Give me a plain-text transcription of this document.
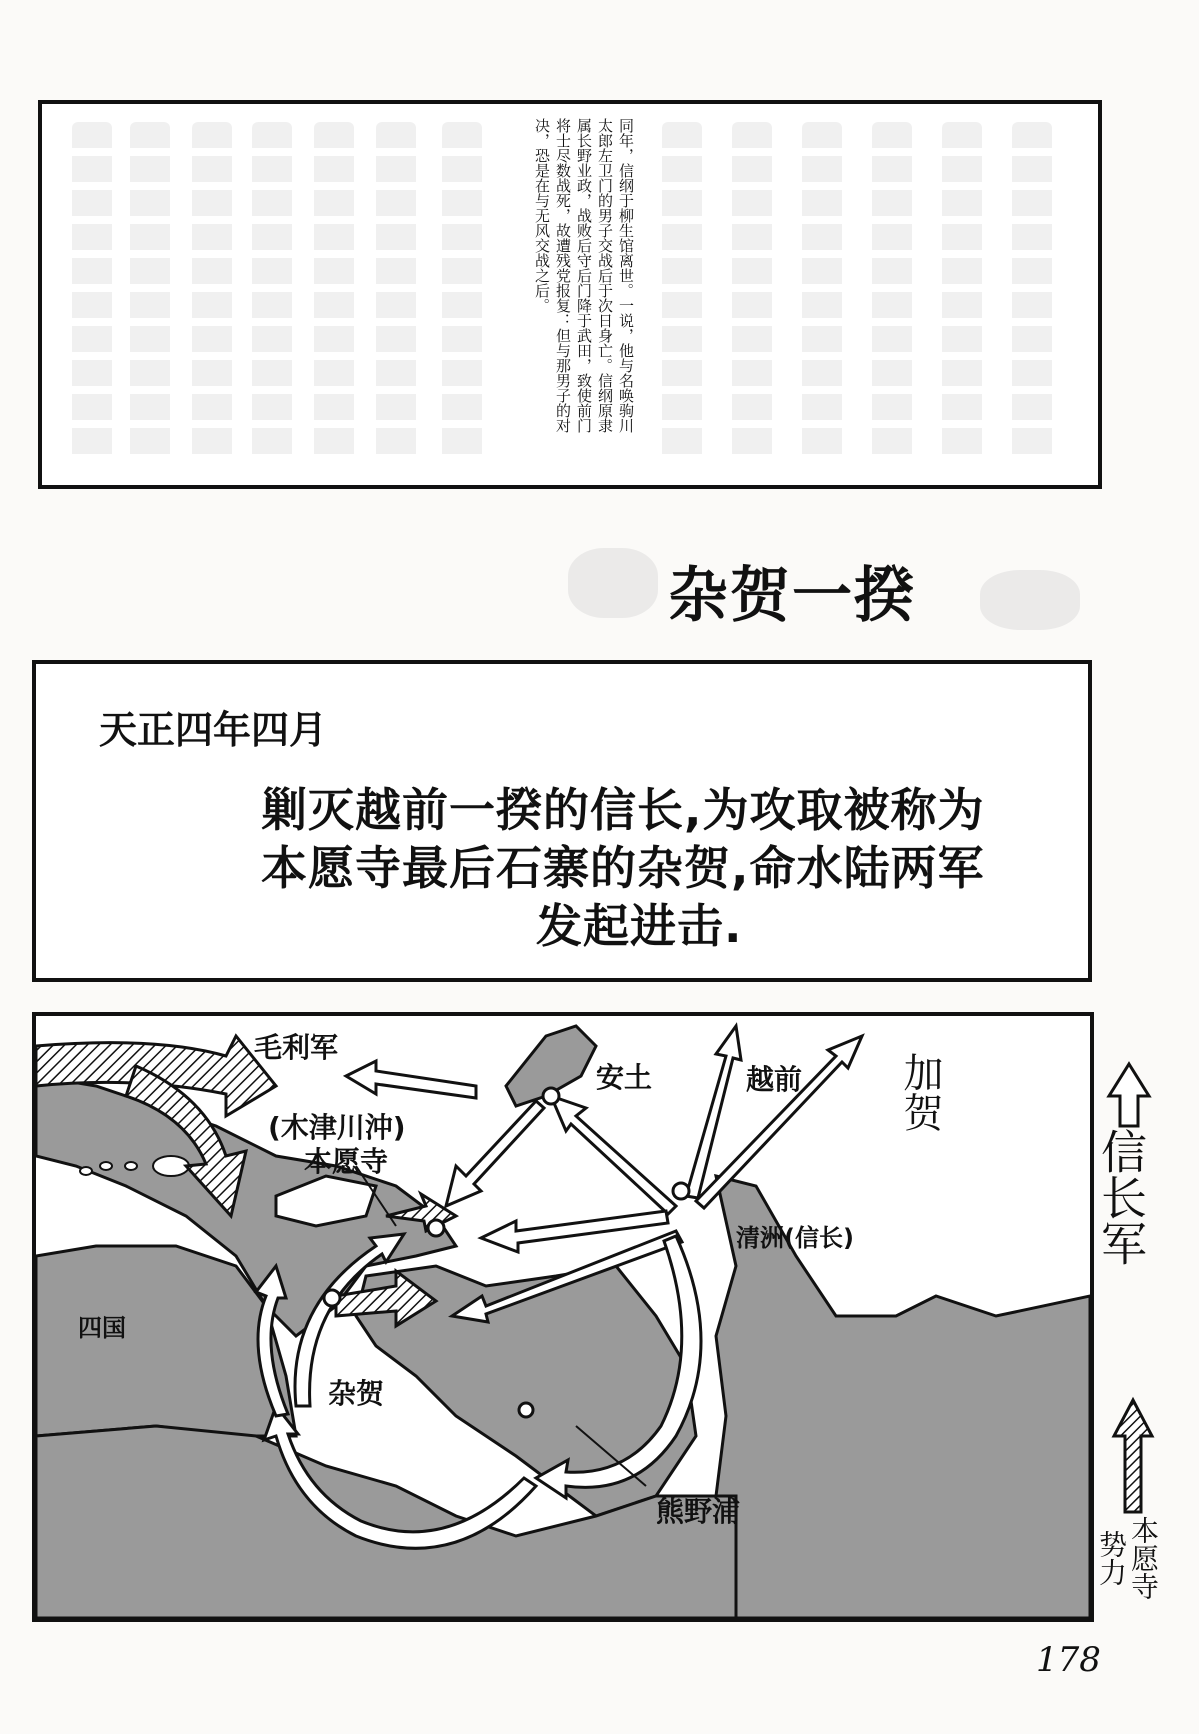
同年，信纲于柳生馆离世。一说，他与名唤驹川
太郎左卫门的男子交战后于次日身亡。信纲原隶
属长野业政，战败后守后门降于武田，致使前门
将士尽数战死，故遭残党报复：但与那男子的对
决，恐是在与无风交战之后。
杂贺一揆
天正四年四月
剿灭越前一揆的信长,为攻取被称为
本愿寺最后石寨的杂贺,命水陆两军
发起进击.
毛利军
安土	越前 加贺
(木津川沖)
本愿寺
清洲(信长)
四国
杂贺
熊野浦
信长军
本愿寺
势力
178
